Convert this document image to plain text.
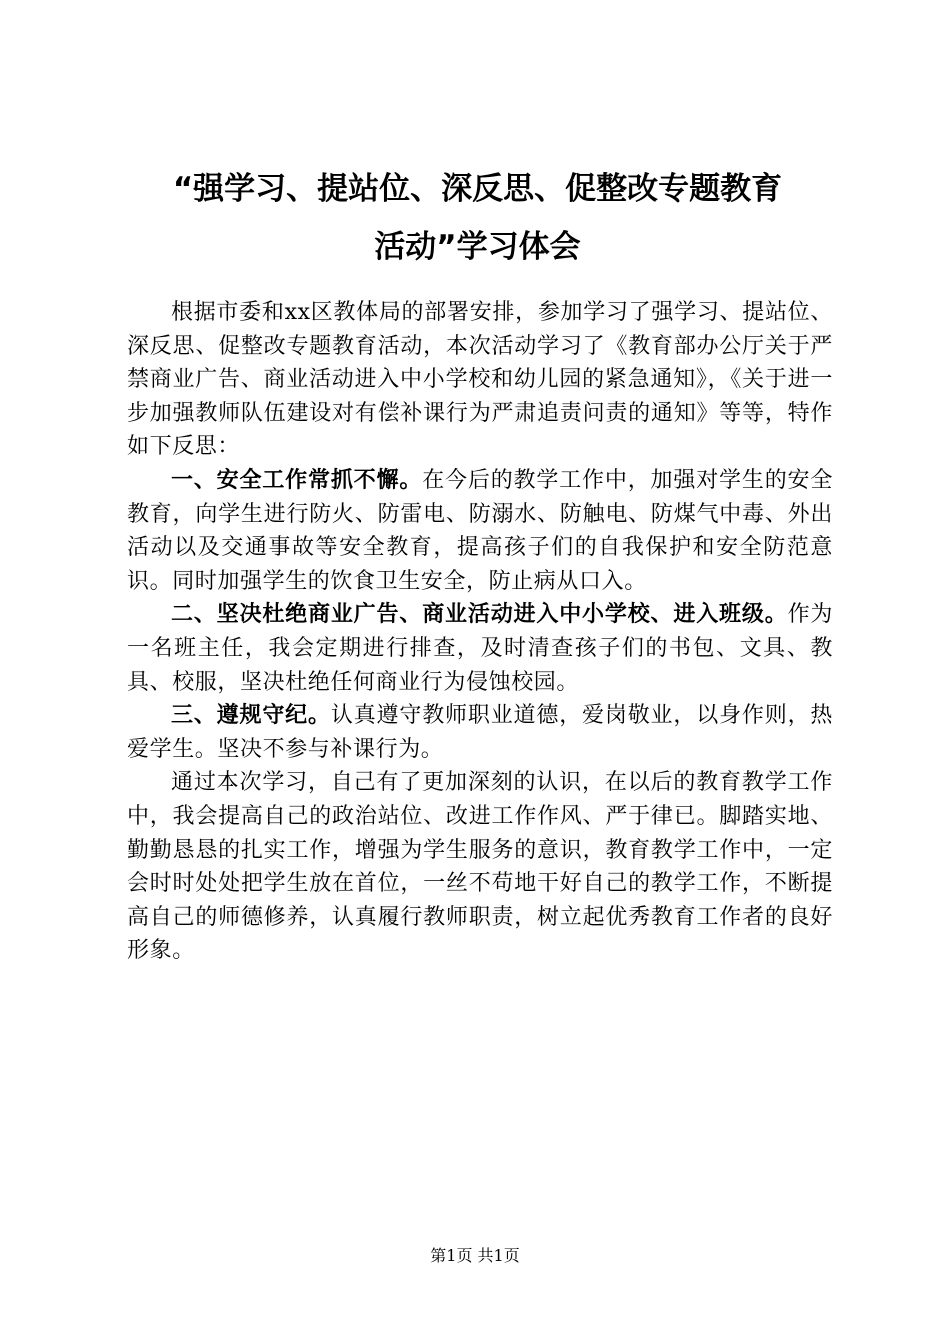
“强学习、提站位、深反思、促整改专题教育
活动”学习体会

根据市委和xx区教体局的部署安排，参加学习了强学习、提站位、深反思、促整改专题教育活动，本次活动学习了《教育部办公厅关于严禁商业广告、商业活动进入中小学校和幼儿园的紧急通知》，《关于进一步加强教师队伍建设对有偿补课行为严肃追责问责的通知》等等，特作如下反思：

一、安全工作常抓不懈。在今后的教学工作中，加强对学生的安全教育，向学生进行防火、防雷电、防溺水、防触电、防煤气中毒、外出活动以及交通事故等安全教育，提高孩子们的自我保护和安全防范意识。同时加强学生的饮食卫生安全，防止病从口入。

二、坚决杜绝商业广告、商业活动进入中小学校、进入班级。作为一名班主任，我会定期进行排查，及时清查孩子们的书包、文具、教具、校服，坚决杜绝任何商业行为侵蚀校园。

三、遵规守纪。认真遵守教师职业道德，爱岗敬业，以身作则，热爱学生。坚决不参与补课行为。

通过本次学习，自己有了更加深刻的认识，在以后的教育教学工作中，我会提高自己的政治站位、改进工作作风、严于律已。脚踏实地、勤勤恳恳的扎实工作，增强为学生服务的意识，教育教学工作中，一定会时时处处把学生放在首位，一丝不苟地干好自己的教学工作，不断提高自己的师德修养，认真履行教师职责，树立起优秀教育工作者的良好形象。

第1页 共1页
